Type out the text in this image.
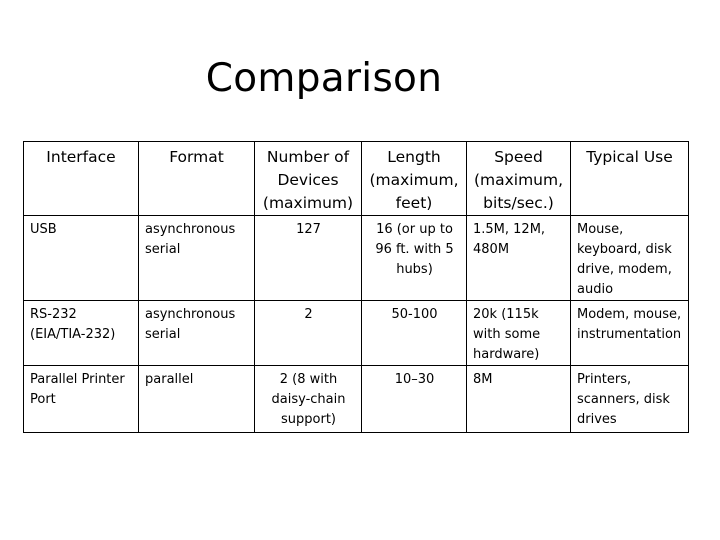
Comparison
Interface	Format	Number of Devices (maximum)	Length (maximum, feet)	Speed (maximum, bits/sec.)	Typical Use
USB	asynchronous serial	127	16 (or up to 96 ft. with 5 hubs)	1.5M, 12M, 480M	Mouse, keyboard, disk drive, modem, audio
RS-232 (EIA/TIA-232)	asynchronous serial	2	50-100	20k (115k with some hardware)	Modem, mouse, instrumentation
Parallel Printer Port	parallel	2 (8 with daisy-chain support)	10–30	8M	Printers, scanners, disk drives
